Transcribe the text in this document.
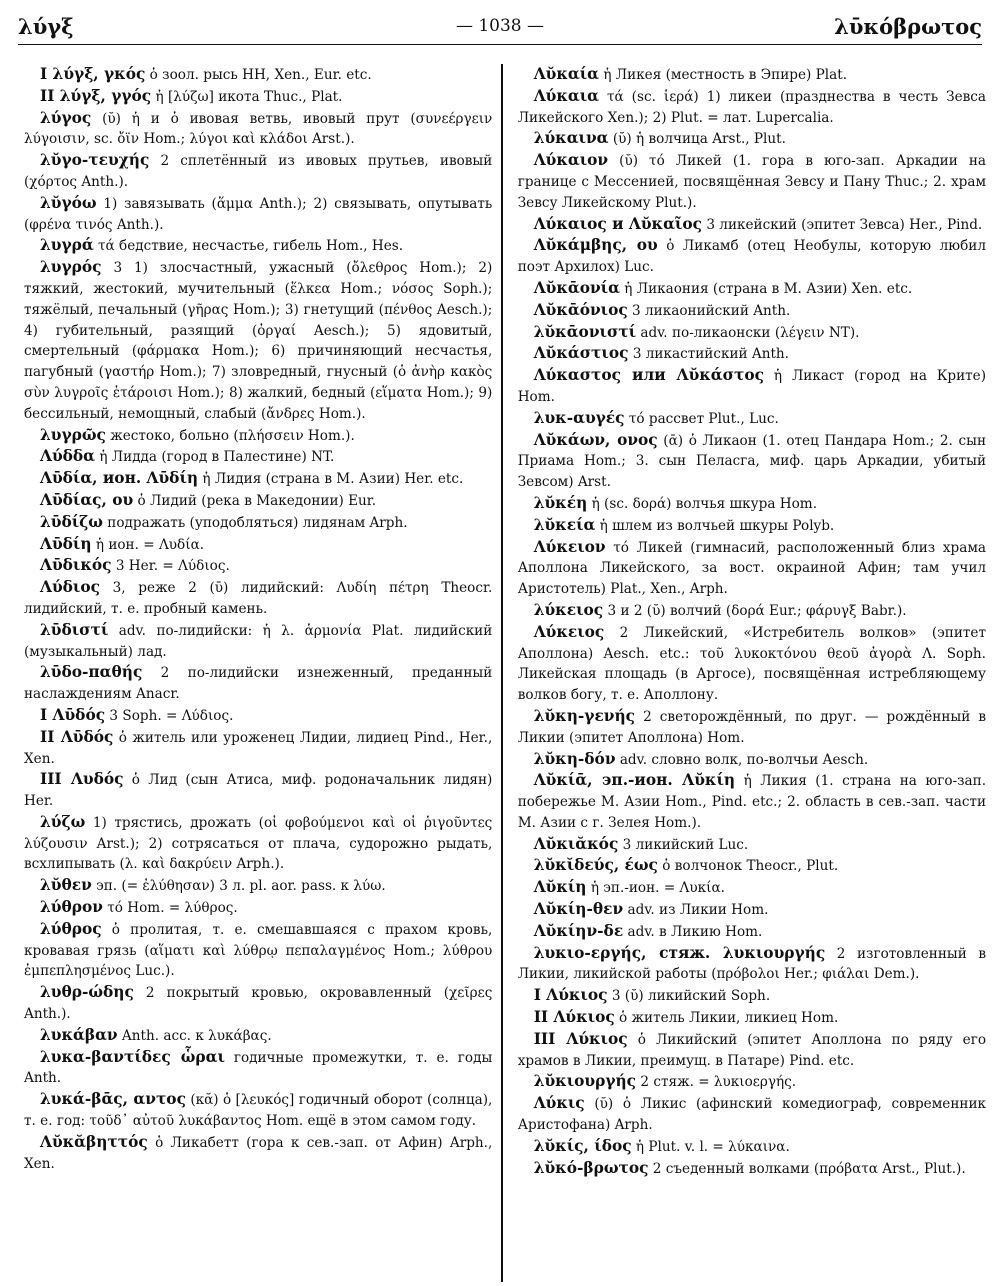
λύγξ	— 1038 —	λῡκόβρωτος

I λύγξ, γκός ὁ зоол. рысь HH, Xen., Eur. etc.

II λύγξ, γγός ἡ [λύζω] икота Thuc., Plat.

λύγος (ῠ) ἡ и ὁ ивовая ветвь, ивовый прут (συνεέργειν λύγοισιν, sc. ὄϊν Hom.; λύγοι καὶ κλάδοι Arst.).

λῠγο-τευχής 2 сплетённый из ивовых прутьев, ивовый (χόρτος Anth.).

λῠγόω 1) завязывать (ἅμμα Anth.); 2) связывать, опутывать (φρένα τινός Anth.).

λυγρά τά бедствие, несчастье, гибель Hom., Hes.

λυγρός 3 1) злосчастный, ужасный (ὄλεθρος Hom.); 2) тяжкий, жестокий, мучительный (ἕλκεα Hom.; νόσος Soph.); тяжёлый, печальный (γῆρας Hom.); 3) гнетущий (πένθος Aesch.); 4) губительный, разящий (ὀργαί Aesch.); 5) ядовитый, смертельный (φάρμακα Hom.); 6) причиняющий несчастья, пагубный (γαστήρ Hom.); 7) зловредный, гнусный (ὁ ἀνὴρ κακὸς σὺν λυγροῖς ἑτάροισι Hom.); 8) жалкий, бедный (εἵματα Hom.); 9) бессильный, немощный, слабый (ἄνδρες Hom.).

λυγρῶς жестоко, больно (πλήσσειν Hom.).

Λύδδα ἡ Лидда (город в Палестине) NT.

Λῡδία, ион. Λῡδίη ἡ Лидия (страна в М. Азии) Her. etc.

Λῡδίας, ου ὁ Лидий (река в Македонии) Eur.

λῡδίζω подражать (уподобляться) лидянам Arph.

Λῡδίη ἡ ион. = Λυδία.

Λῡδικός 3 Her. = Λύδιος.

Λύδιος 3, реже 2 (ῡ) лидийский: Λυδίη πέτρη Theocr. лидийский, т. е. пробный камень.

λῡδιστί adv. по-лидийски: ἡ λ. ἁρμονία Plat. лидийский (музыкальный) лад.

λῡδο-παθής 2 по-лидийски изнеженный, преданный наслаждениям Anacr.

I Λῡδός 3 Soph. = Λύδιος.

II Λῡδός ὁ житель или уроженец Лидии, лидиец Pind., Her., Xen.

III Λυδός ὁ Лид (сын Атиса, миф. родоначальник лидян) Her.

λύζω 1) трястись, дрожать (οἱ φοβούμενοι καὶ οἱ ῥιγοῦντες λύζουσιν Arst.); 2) сотрясаться от плача, судорожно рыдать, всхлипывать (λ. καὶ δακρύειν Arph.).

λῠθεν эп. (= ἐλύθησαν) 3 л. pl. aor. pass. к λύω.

λύθρον τό Hom. = λύθρος.

λύθρος ὁ пролитая, т. е. смешавшаяся с прахом кровь, кровавая грязь (αἵματι καὶ λύθρῳ πεπαλαγμένος Hom.; λύθρου ἐμπεπλησμένος Luc.).

λυθρ-ώδης 2 покрытый кровью, окровавленный (χεῖρες Anth.).

λυκάβαν Anth. acc. к λυκάβας.

λυκα-βαντίδες ὧραι годичные промежутки, т. е. годы Anth.

λυκά-βᾱς, αντος (κᾰ) ὁ [λευκός] годичный оборот (солнца), т. е. год: τοῦδ᾽ αὐτοῦ λυκάβαντος Hom. ещё в этом самом году.

Λῠκᾰβηττός ὁ Ликабетт (гора к сев.-зап. от Афин) Arph., Xen.

Λῠκαία ἡ Ликея (местность в Эпире) Plat.

Λύκαια τά (sc. ἱερά) 1) ликеи (празднества в честь Зевса Ликейского Xen.); 2) Plut. = лат. Lupercalia.

λύκαινα (ῠ) ἡ волчица Arst., Plut.

Λύκαιον (ῠ) τό Ликей (1. гора в юго-зап. Аркадии на границе с Мессенией, посвящённая Зевсу и Пану Thuc.; 2. храм Зевсу Ликейскому Plut.).

Λύκαιος и Λῠκαῖος 3 ликейский (эпитет Зевса) Her., Pind.

Λῠκάμβης, ου ὁ Ликамб (отец Необулы, которую любил поэт Архилох) Luc.

Λῠκᾱονία ἡ Ликаония (страна в М. Азии) Xen. etc.

Λῠκᾱόνιος 3 ликаонийский Anth.

λῠκᾱονιστί adv. по-ликаонски (λέγειν NT).

Λῠκάστιος 3 ликастийский Anth.

Λύκαστος или Λῠκάστος ἡ Ликаст (город на Крите) Hom.

λυκ-αυγές τό рассвет Plut., Luc.

Λῠκάων, ονος (ᾱ) ὁ Ликаон (1. отец Пандара Hom.; 2. сын Приама Hom.; 3. сын Пеласга, миф. царь Аркадии, убитый Зевсом) Arst.

λῠκέη ἡ (sc. δορά) волчья шкура Hom.

λῠκεία ἡ шлем из волчьей шкуры Polyb.

Λύκειον τό Ликей (гимнасий, расположенный близ храма Аполлона Ликейского, за вост. окраиной Афин; там учил Аристотель) Plat., Xen., Arph.

λύκειος 3 и 2 (ῠ) волчий (δορά Eur.; φάρυγξ Babr.).

Λύκειος 2 Ликейский, «Истребитель волков» (эпитет Аполлона) Aesch. etc.: τοῦ λυκοκτόνου θεοῦ ἀγορὰ Λ. Soph. Ликейская площадь (в Аргосе), посвящённая истребляющему волков богу, т. е. Аполлону.

λῠκη-γενής 2 светорождённый, по друг. — рождённый в Ликии (эпитет Аполлона) Hom.

λῠκη-δόν adv. словно волк, по-волчьи Aesch.

Λῠκίᾱ, эп.-ион. Λῠκίη ἡ Ликия (1. страна на юго-зап. побережье М. Азии Hom., Pind. etc.; 2. область в сев.-зап. части М. Азии с г. Зелея Hom.).

Λῠκιᾰκός 3 ликийский Luc.

λῠκῐδεύς, έως ὁ волчонок Theocr., Plut.

Λῠκίη ἡ эп.-ион. = Λυκία.

Λῠκίη-θεν adv. из Ликии Hom.

Λῠκίην-δε adv. в Ликию Hom.

λυκιο-εργής, стяж. λυκιουργής 2 изготовленный в Ликии, ликийской работы (πρόβολοι Her.; φιάλαι Dem.).

I Λύκιος 3 (ῠ) ликийский Soph.

II Λύκιος ὁ житель Ликии, ликиец Hom.

III Λύκιος ὁ Ликийский (эпитет Аполлона по ряду его храмов в Ликии, преимущ. в Патаре) Pind. etc.

λῠκιουργής 2 стяж. = λυκιοεργής.

Λύκις (ῠ) ὁ Ликис (афинский комедиограф, современник Аристофана) Arph.

λῠκίς, ίδος ἡ Plut. v. l. = λύκαινα.

λῠκό-βρωτος 2 съеденный волками (πρόβατα Arst., Plut.).
